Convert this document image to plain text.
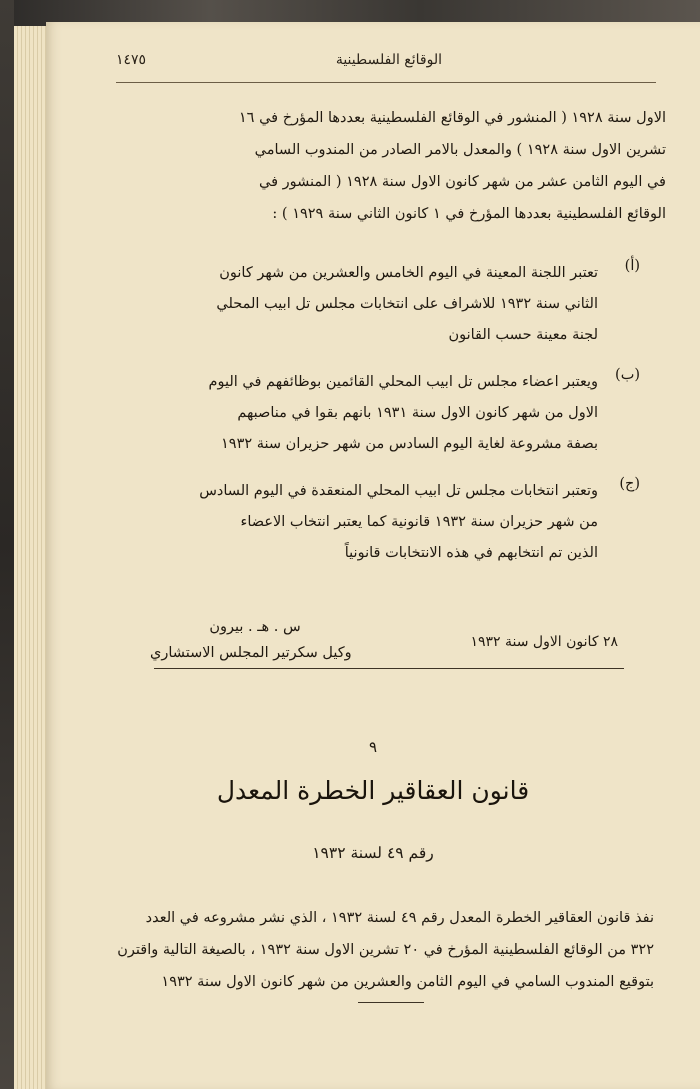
الوقائع الفلسطينية
١٤٧٥
الاول سنة ١٩٢٨ ( المنشور في الوقائع الفلسطينية بعددها المؤرخ في ١٦
تشرين الاول سنة ١٩٢٨ ) والمعدل بالامر الصادر من المندوب السامي
في اليوم الثامن عشر من شهر كانون الاول سنة ١٩٢٨ ( المنشور في
الوقائع الفلسطينية بعددها المؤرخ في ١ كانون الثاني سنة ١٩٢٩ ) :
(أ)
تعتبر اللجنة المعينة في اليوم الخامس والعشرين من شهر كانون
الثاني سنة ١٩٣٢ للاشراف على انتخابات مجلس تل ابيب المحلي
لجنة معينة حسب القانون
(ب)
ويعتبر اعضاء مجلس تل ابيب المحلي القائمين بوظائفهم في اليوم
الاول من شهر كانون الاول سنة ١٩٣١ بانهم بقوا في مناصبهم
بصفة مشروعة لغاية اليوم السادس من شهر حزيران سنة ١٩٣٢
(ج)
وتعتبر انتخابات مجلس تل ابيب المحلي المنعقدة في اليوم السادس
من شهر حزيران سنة ١٩٣٢ قانونية كما يعتبر انتخاب الاعضاء
الذين تم انتخابهم في هذه الانتخابات قانونياً
س . هـ . بيرون
وكيل سكرتير المجلس الاستشاري
٢٨ كانون الاول سنة ١٩٣٢
٩
قانون العقاقير الخطرة المعدل
رقم ٤٩ لسنة ١٩٣٢
نفذ قانون العقاقير الخطرة المعدل رقم ٤٩ لسنة ١٩٣٢ ، الذي نشر مشروعه في العدد
٣٢٢ من الوقائع الفلسطينية المؤرخ في ٢٠ تشرين الاول سنة ١٩٣٢ ، بالصيغة التالية واقترن
بتوقيع المندوب السامي في اليوم الثامن والعشرين من شهر كانون الاول سنة ١٩٣٢
